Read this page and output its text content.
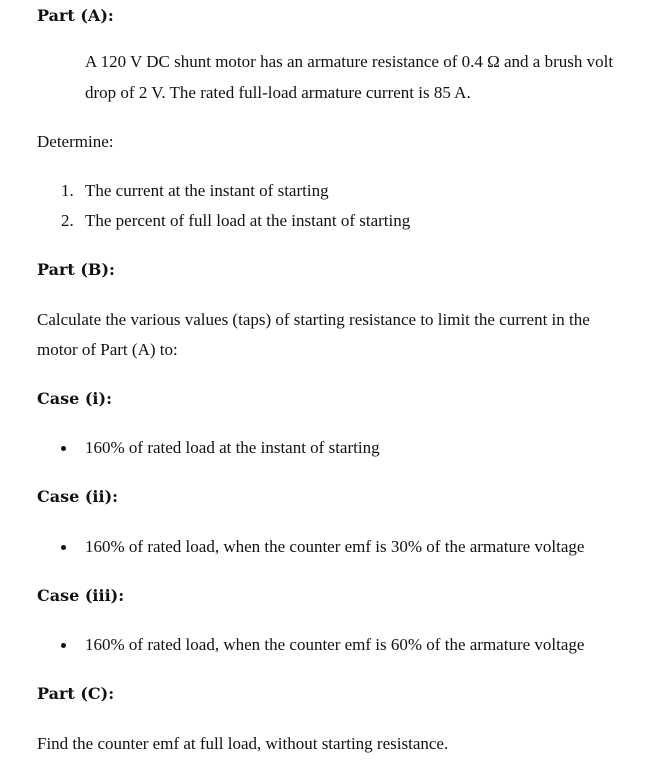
Part (A):
A 120 V DC shunt motor has an armature resistance of 0.4 Ω and a brush volt
drop of 2 V. The rated full-load armature current is 85 A.
Determine:
1. The current at the instant of starting
2. The percent of full load at the instant of starting
Part (B):
Calculate the various values (taps) of starting resistance to limit the current in the
motor of Part (A) to:
Case (i):
160% of rated load at the instant of starting
Case (ii):
160% of rated load, when the counter emf is 30% of the armature voltage
Case (iii):
160% of rated load, when the counter emf is 60% of the armature voltage
Part (C):
Find the counter emf at full load, without starting resistance.
